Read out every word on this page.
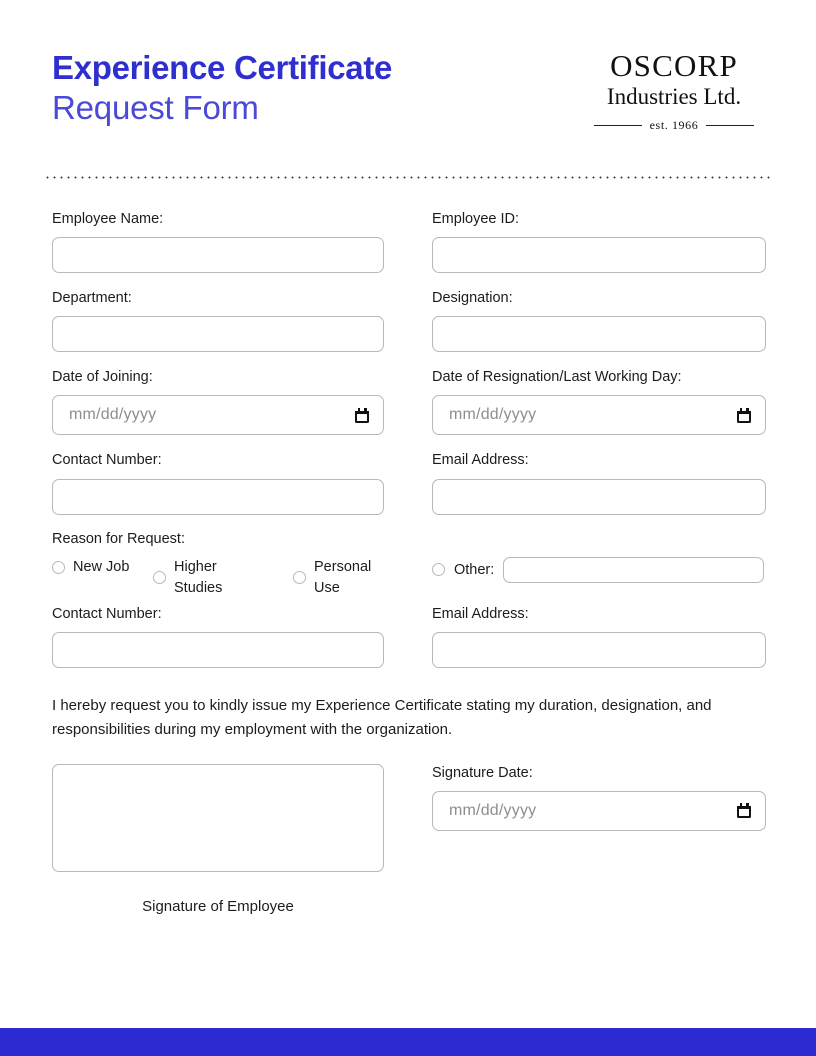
Experience Certificate
Request Form
OSCORP
Industries Ltd.
est. 1966
Employee Name:	Employee ID:
Department:	Designation:
Date of Joining:
mm/dd/yyyy
Date of Resignation/Last Working Day:
mm/dd/yyyy
Contact Number:	Email Address:
Reason for Request:
New Job	Higher Studies
Personal Use
Other:
Contact Number:	Email Address:
I hereby request you to kindly issue my Experience Certificate stating my duration, designation, and responsibilities during my employment with the organization.
Signature of Employee
Signature Date:
mm/dd/yyyy
